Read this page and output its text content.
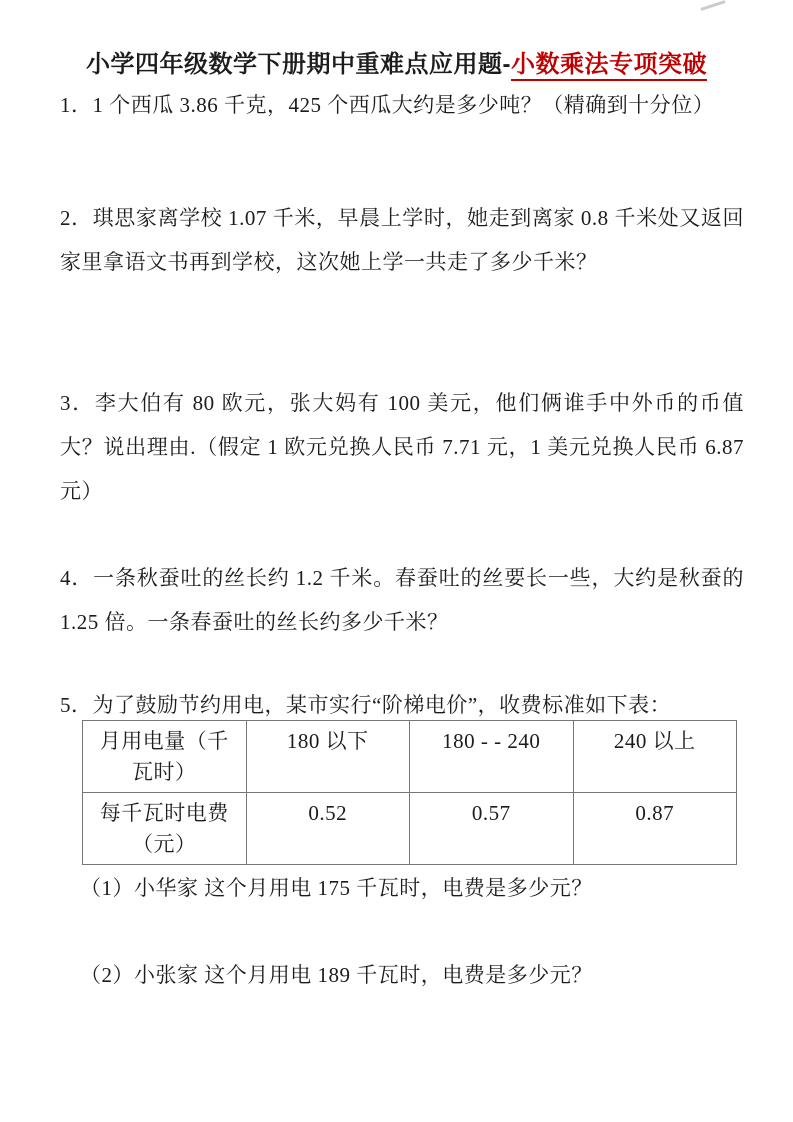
小学四年级数学下册期中重难点应用题-小数乘法专项突破
1．1 个西瓜 3.86 千克，425 个西瓜大约是多少吨？（精确到十分位）
2．琪思家离学校 1.07 千米，早晨上学时，她走到离家 0.8 千米处又返回家里拿语文书再到学校，这次她上学一共走了多少千米？
3．李大伯有 80 欧元，张大妈有 100 美元，他们俩谁手中外币的币值大？说出理由.（假定 1 欧元兑换人民币 7.71 元，1 美元兑换人民币 6.87 元）
4．一条秋蚕吐的丝长约 1.2 千米。春蚕吐的丝要长一些，大约是秋蚕的 1.25 倍。一条春蚕吐的丝长约多少千米？
5．为了鼓励节约用电，某市实行“阶梯电价”，收费标准如下表：
月用电量（千瓦时）	180 以下	180 - - 240	240 以上
每千瓦时电费（元）	0.52	0.57	0.87
（1）小华家 这个月用电 175 千瓦时，电费是多少元？
（2）小张家 这个月用电 189 千瓦时，电费是多少元？
